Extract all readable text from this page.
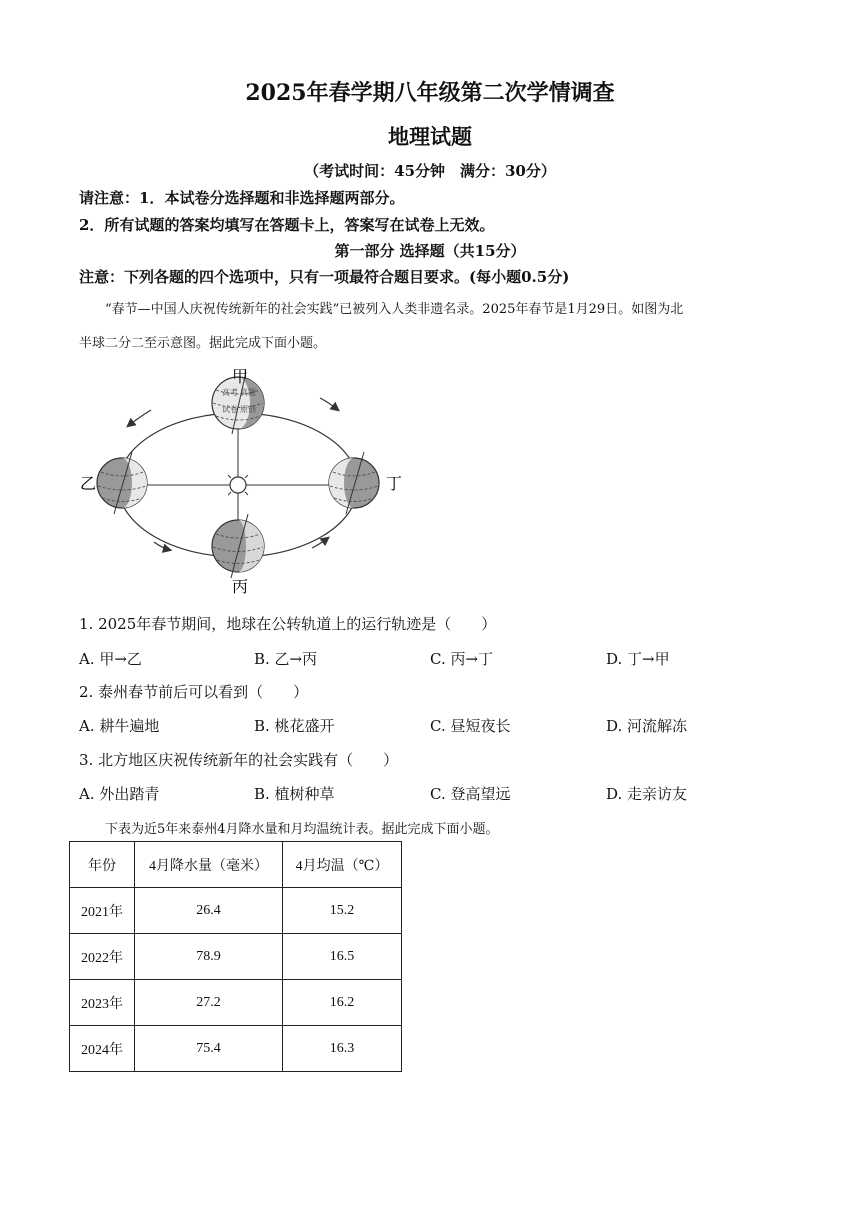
2025年春学期八年级第二次学情调查
地理试题
（考试时间：45分钟　满分：30分）
请注意：1．本试卷分选择题和非选择题两部分。
2．所有试题的答案均填写在答题卡上，答案写在试卷上无效。
第一部分 选择题（共15分）
注意：下列各题的四个选项中，只有一项最符合题目要求。(每小题0.5分)
“春节—中国人庆祝传统新年的社会实践”已被列入人类非遗名录。2025年春节是1月29日。如图为北
半球二分二至示意图。据此完成下面小题。
高考 真题
试卷 原创
甲
乙	丁
丙
1. 2025年春节期间，地球在公转轨道上的运行轨迹是（　　）
A. 甲→乙	B. 乙→丙	C. 丙→丁	D. 丁→甲
2. 泰州春节前后可以看到（　　）
A. 耕牛遍地	B. 桃花盛开	C. 昼短夜长	D. 河流解冻
3. 北方地区庆祝传统新年的社会实践有（　　）
A. 外出踏青	B. 植树种草	C. 登高望远	D. 走亲访友
下表为近5年来泰州4月降水量和月均温统计表。据此完成下面小题。
年份	4月降水量（毫米）	4月均温（℃）
2021年	26.4	15.2
2022年	78.9	16.5
2023年	27.2	16.2
2024年	75.4	16.3
